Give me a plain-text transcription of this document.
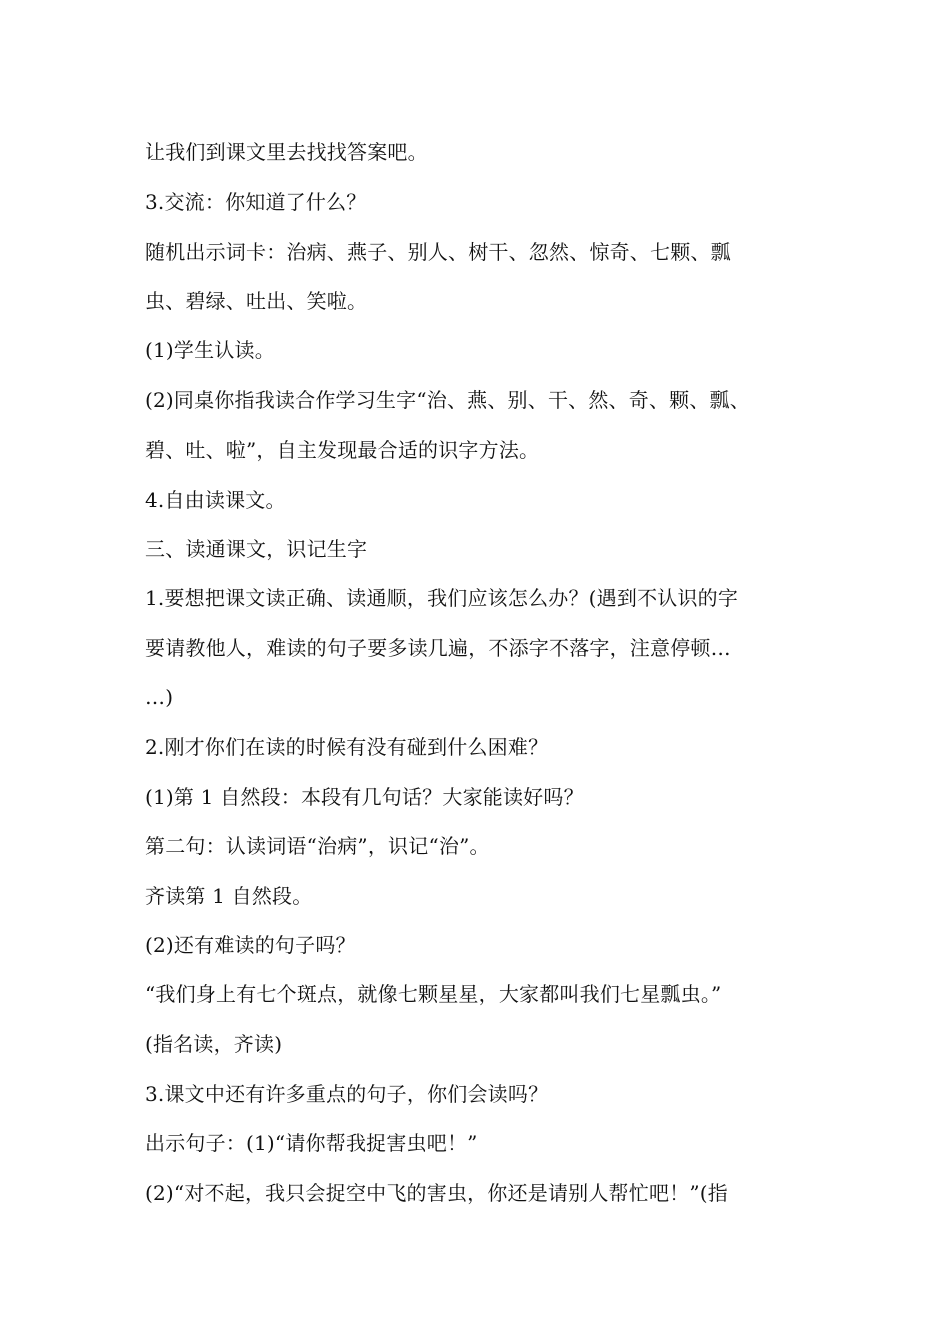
让我们到课文里去找找答案吧。
3.交流：你知道了什么？
随机出示词卡：治病、燕子、别人、树干、忽然、惊奇、七颗、瓢
虫、碧绿、吐出、笑啦。
(1)学生认读。
(2)同桌你指我读合作学习生字“治、燕、别、干、然、奇、颗、瓢、
碧、吐、啦”，自主发现最合适的识字方法。
4.自由读课文。
三、读通课文，识记生字
1.要想把课文读正确、读通顺，我们应该怎么办？(遇到不认识的字
要请教他人，难读的句子要多读几遍，不添字不落字，注意停顿…
…)
2.刚才你们在读的时候有没有碰到什么困难？
(1)第 1 自然段：本段有几句话？大家能读好吗？
第二句：认读词语“治病”，识记“治”。
齐读第 1 自然段。
(2)还有难读的句子吗？
“我们身上有七个斑点，就像七颗星星，大家都叫我们七星瓢虫。”
(指名读，齐读)
3.课文中还有许多重点的句子，你们会读吗？
出示句子：(1)“请你帮我捉害虫吧！”
(2)“对不起，我只会捉空中飞的害虫，你还是请别人帮忙吧！”(指
